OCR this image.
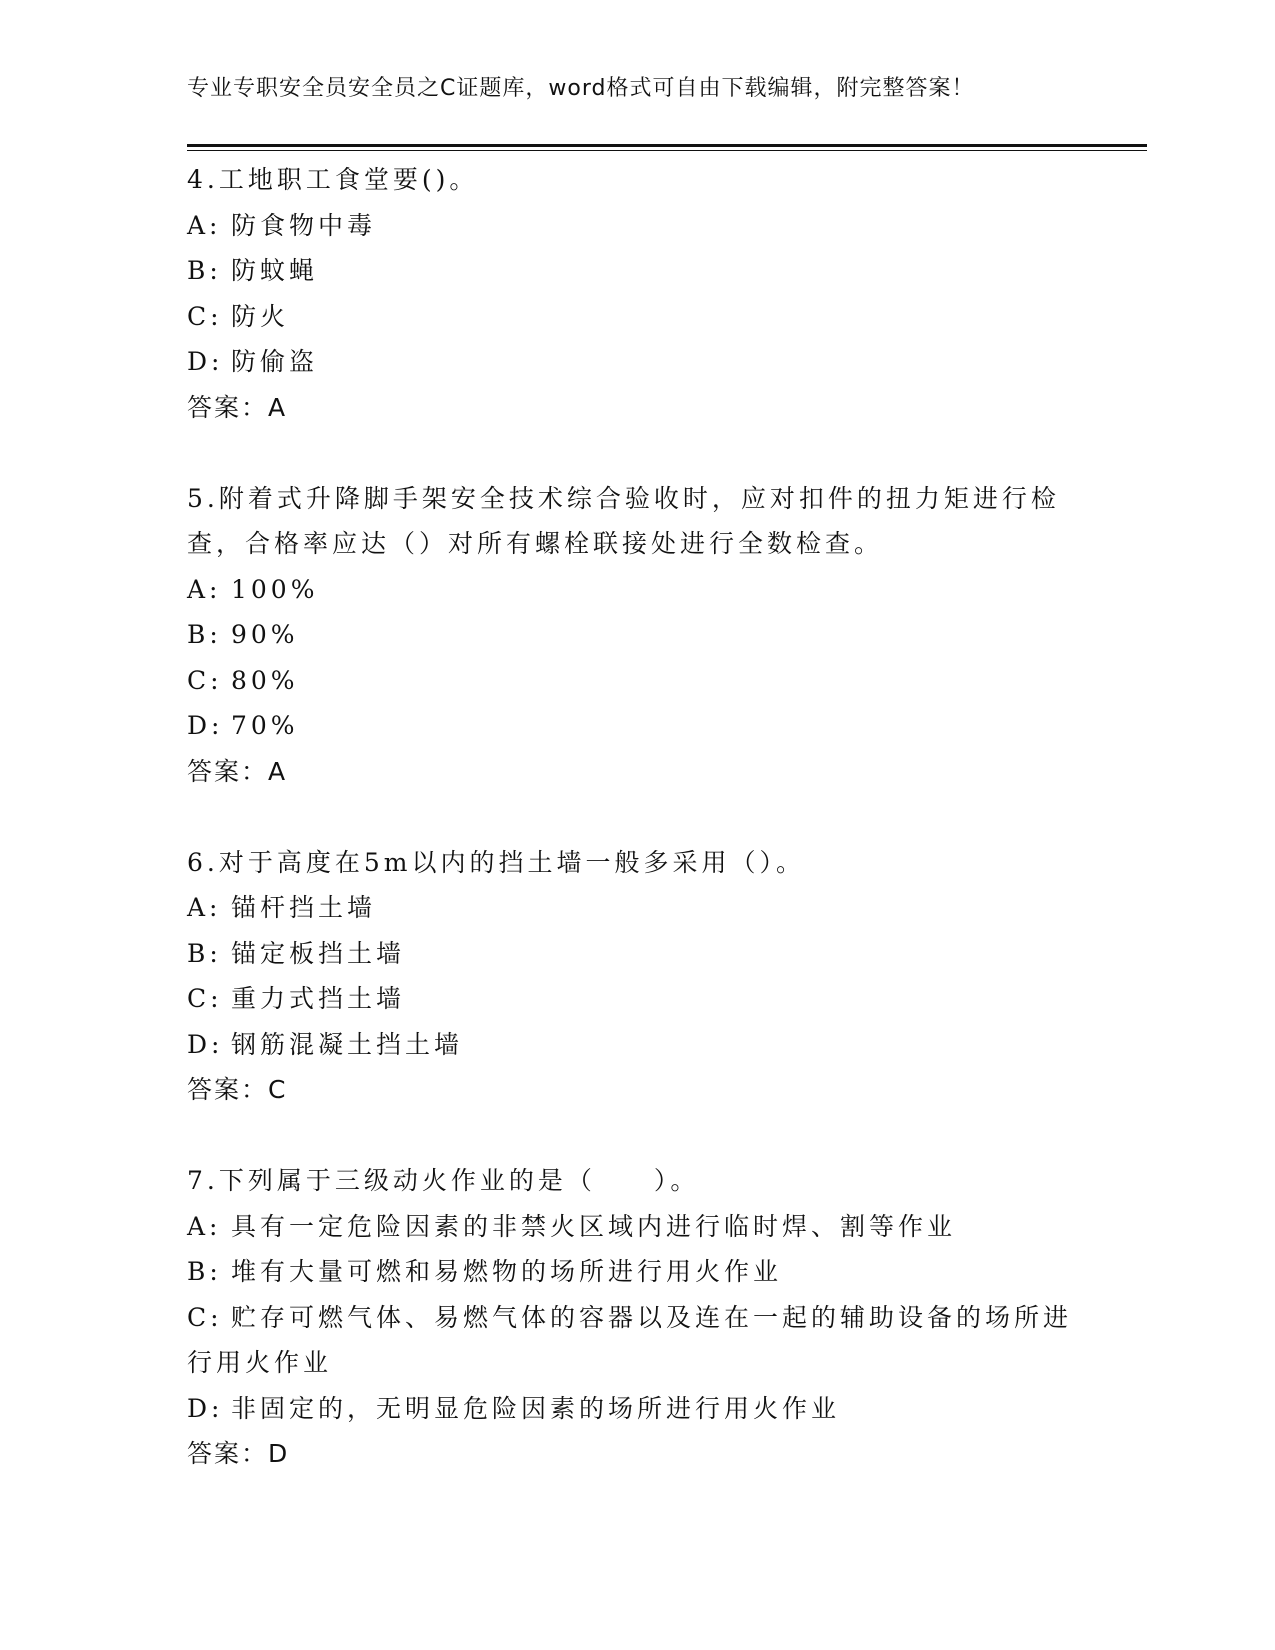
专业专职安全员安全员之C证题库，word格式可自由下载编辑，附完整答案！
4.工地职工食堂要()。
A: 防食物中毒
B: 防蚊蝇
C: 防火
D: 防偷盗
答案：A
5.附着式升降脚手架安全技术综合验收时，应对扣件的扭力矩进行检
查，合格率应达（）对所有螺栓联接处进行全数检查。
A: 100%
B: 90%
C: 80%
D: 70%
答案：A
6.对于高度在5m以内的挡土墙一般多采用（）。
A: 锚杆挡土墙
B: 锚定板挡土墙
C: 重力式挡土墙
D: 钢筋混凝土挡土墙
答案：C
7.下列属于三级动火作业的是（　　）。
A: 具有一定危险因素的非禁火区域内进行临时焊、割等作业
B: 堆有大量可燃和易燃物的场所进行用火作业
C: 贮存可燃气体、易燃气体的容器以及连在一起的辅助设备的场所进
行用火作业
D: 非固定的，无明显危险因素的场所进行用火作业
答案：D
